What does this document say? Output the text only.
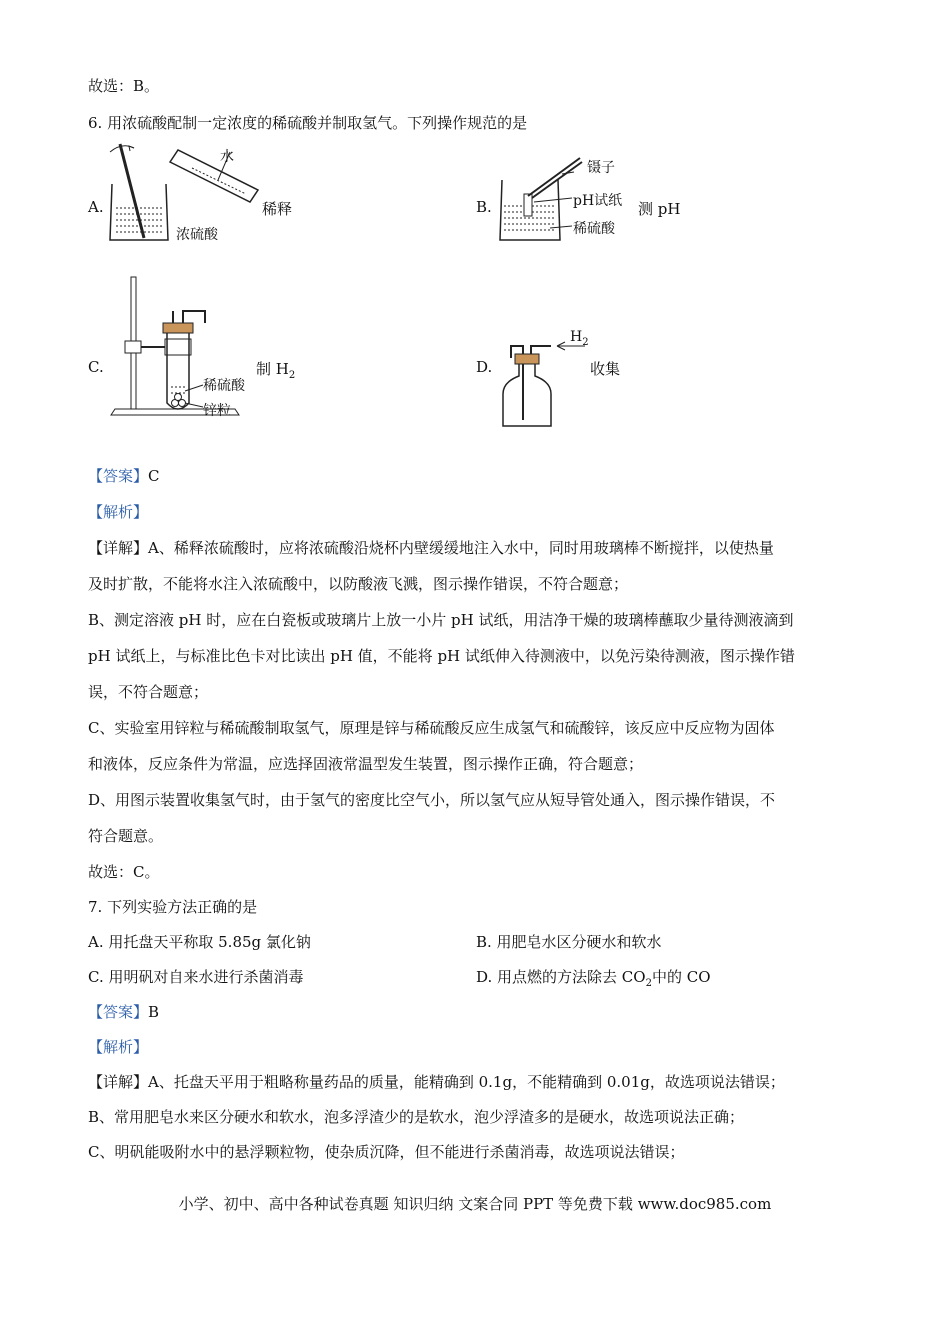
故选：B。
6. 用浓硫酸配制一定浓度的稀硫酸并制取氢气。下列操作规范的是
A.
水
稀释
浓硫酸
B.
镊子
pH试纸 测 pH
稀硫酸
C.	制 $H_2$
稀硫酸
锌粒
D.
$H_2$
收集
【答案】C
【解析】
【详解】A、稀释浓硫酸时，应将浓硫酸沿烧杯内壁缓缓地注入水中，同时用玻璃棒不断搅拌，以使热量
及时扩散，不能将水注入浓硫酸中，以防酸液飞溅，图示操作错误，不符合题意；
B、测定溶液 pH 时，应在白瓷板或玻璃片上放一小片 pH 试纸，用洁净干燥的玻璃棒蘸取少量待测液滴到
pH 试纸上，与标准比色卡对比读出 pH 值，不能将 pH 试纸伸入待测液中，以免污染待测液，图示操作错
误，不符合题意；
C、实验室用锌粒与稀硫酸制取氢气，原理是锌与稀硫酸反应生成氢气和硫酸锌，该反应中反应物为固体
和液体，反应条件为常温，应选择固液常温型发生装置，图示操作正确，符合题意；
D、用图示装置收集氢气时，由于氢气的密度比空气小，所以氢气应从短导管处通入，图示操作错误，不
符合题意。
故选：C。
7. 下列实验方法正确的是
A. 用托盘天平称取 5.85g 氯化钠	B. 用肥皂水区分硬水和软水
C. 用明矾对自来水进行杀菌消毒	D. 用点燃的方法除去 $CO_2$中的 CO
【答案】B
【解析】
【详解】A、托盘天平用于粗略称量药品的质量，能精确到 0.1g，不能精确到 0.01g，故选项说法错误；
B、常用肥皂水来区分硬水和软水，泡多浮渣少的是软水，泡少浮渣多的是硬水，故选项说法正确；
C、明矾能吸附水中的悬浮颗粒物，使杂质沉降，但不能进行杀菌消毒，故选项说法错误；
小学、初中、高中各种试卷真题 知识归纳 文案合同 PPT 等免费下载 www.doc985.com
